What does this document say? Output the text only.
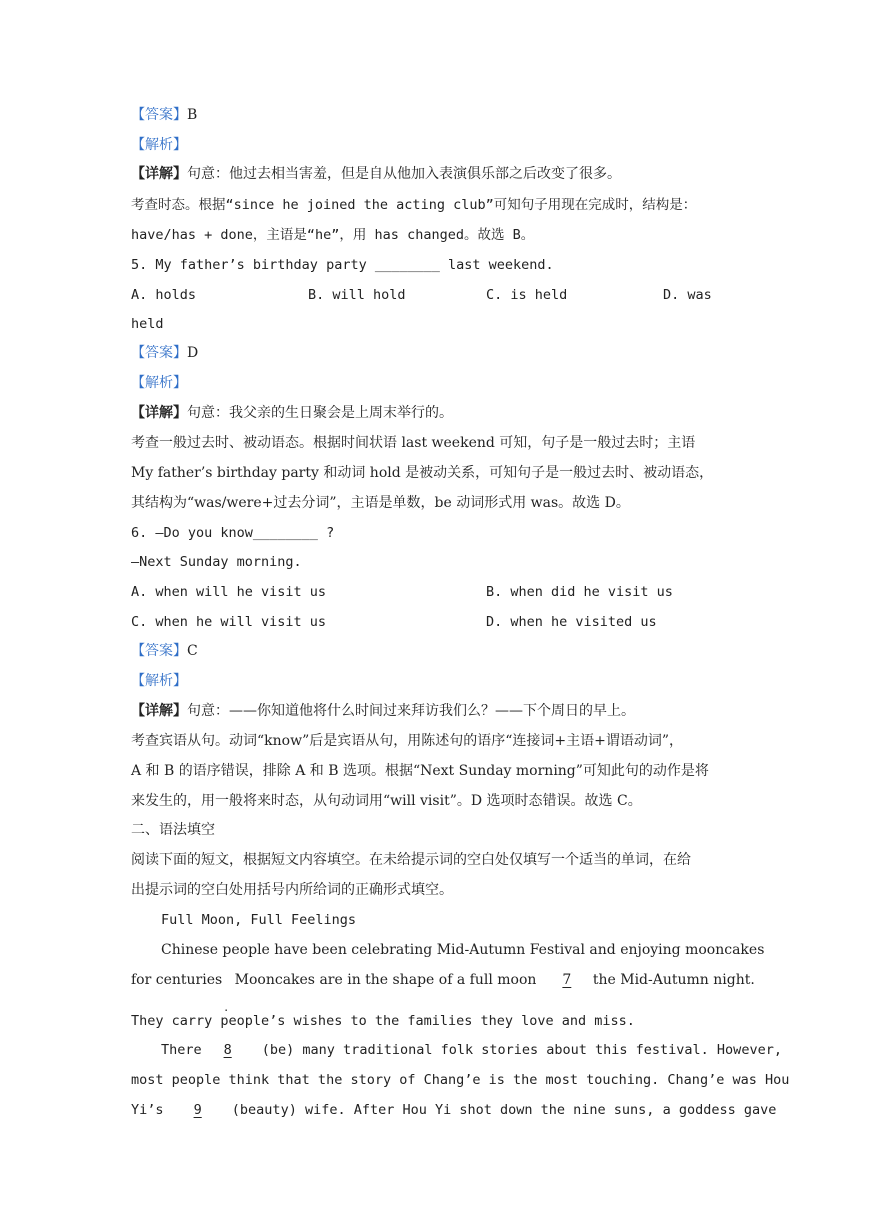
【答案】B
【解析】
【详解】句意：他过去相当害羞，但是自从他加入表演俱乐部之后改变了很多。
考查时态。根据“since he joined the acting club”可知句子用现在完成时，结构是：
have/has + done，主语是“he”，用 has changed。故选 B。
5. My father’s birthday party ________ last weekend.
A. holds	B. will hold	C. is held	D. was
held
【答案】D
【解析】
【详解】句意：我父亲的生日聚会是上周末举行的。
考查一般过去时、被动语态。根据时间状语 last weekend 可知，句子是一般过去时；主语
My father’s birthday party 和动词 hold 是被动关系，可知句子是一般过去时、被动语态，
其结构为“was/were+过去分词”，主语是单数，be 动词形式用 was。故选 D。
6. —Do you know________ ?
—Next Sunday morning.
A. when will he visit us	B. when did he visit us
C. when he will visit us	D. when he visited us
【答案】C
【解析】
【详解】句意：——你知道他将什么时间过来拜访我们么？——下个周日的早上。
考查宾语从句。动词“know”后是宾语从句，用陈述句的语序“连接词+主语+谓语动词”，
A 和 B 的语序错误，排除 A 和 B 选项。根据“Next Sunday morning”可知此句的动作是将
来发生的，用一般将来时态，从句动词用“will visit”。D 选项时态错误。故选 C。
二、语法填空
阅读下面的短文，根据短文内容填空。在未给提示词的空白处仅填写一个适当的单词，在给
出提示词的空白处用括号内所给词的正确形式填空。
Full Moon, Full Feelings
Chinese people have been celebrating Mid-Autumn Festival and enjoying mooncakes
for centuries
.
Mooncakes are in the shape of a full moon 7 the Mid-Autumn night.
They carry people’s wishes to the families they love and miss.
There 8 (be) many traditional folk stories about this festival. However,
most people think that the story of Chang’e is the most touching. Chang’e was Hou
Yi’s 9 (beauty) wife. After Hou Yi shot down the nine suns, a goddess gave
